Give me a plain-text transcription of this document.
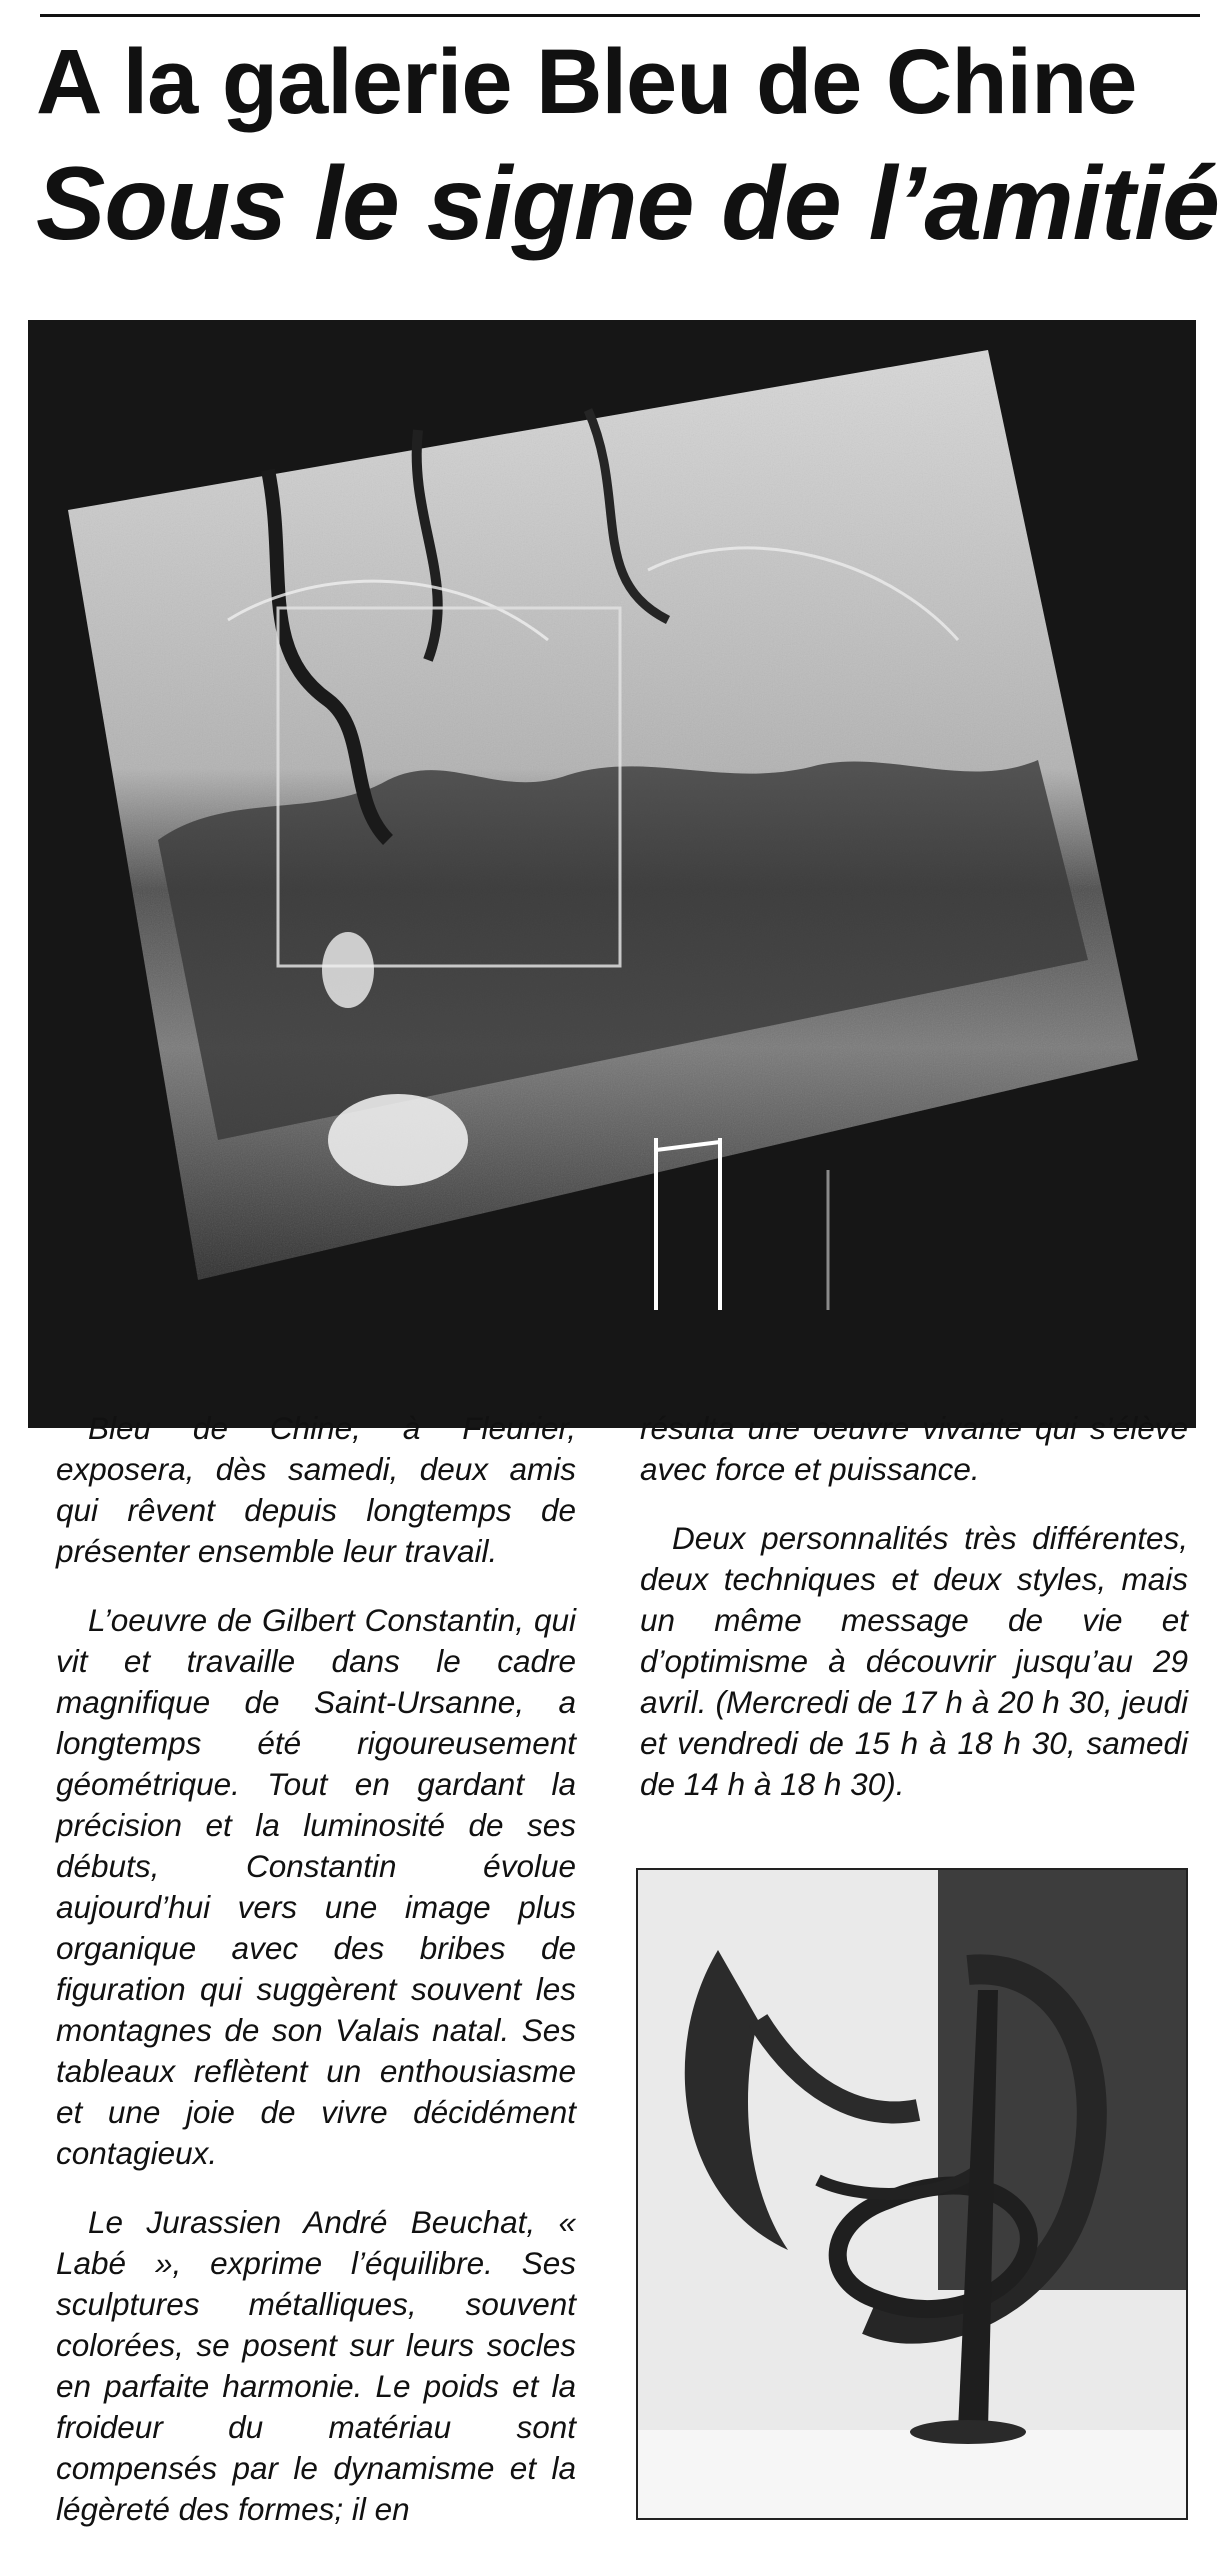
A la galerie Bleu de Chine
Sous le signe de l’amitié

Bleu de Chine, à Fleurier, exposera, dès samedi, deux amis qui rêvent depuis longtemps de présenter ensemble leur travail.

L’oeuvre de Gilbert Constantin, qui vit et travaille dans le cadre magnifique de Saint-Ursanne, a longtemps été rigoureusement géométrique. Tout en gardant la précision et la luminosité de ses débuts, Constantin évolue aujourd’hui vers une image plus organique avec des bribes de figuration qui suggèrent souvent les montagnes de son Valais natal. Ses tableaux reflètent un enthousiasme et une joie de vivre décidément contagieux.

Le Jurassien André Beuchat, « Labé », exprime l’équilibre. Ses sculptures métalliques, souvent colorées, se posent sur leurs socles en parfaite harmonie. Le poids et la froideur du matériau sont compensés par le dynamisme et la légèreté des formes; il en

résulta une oeuvre vivante qui s’élève avec force et puissance.

Deux personnalités très différentes, deux techniques et deux styles, mais un même message de vie et d’optimisme à découvrir jusqu’au 29 avril. (Mercredi de 17 h à 20 h 30, jeudi et vendredi de 15 h à 18 h 30, samedi de 14 h à 18 h 30).
